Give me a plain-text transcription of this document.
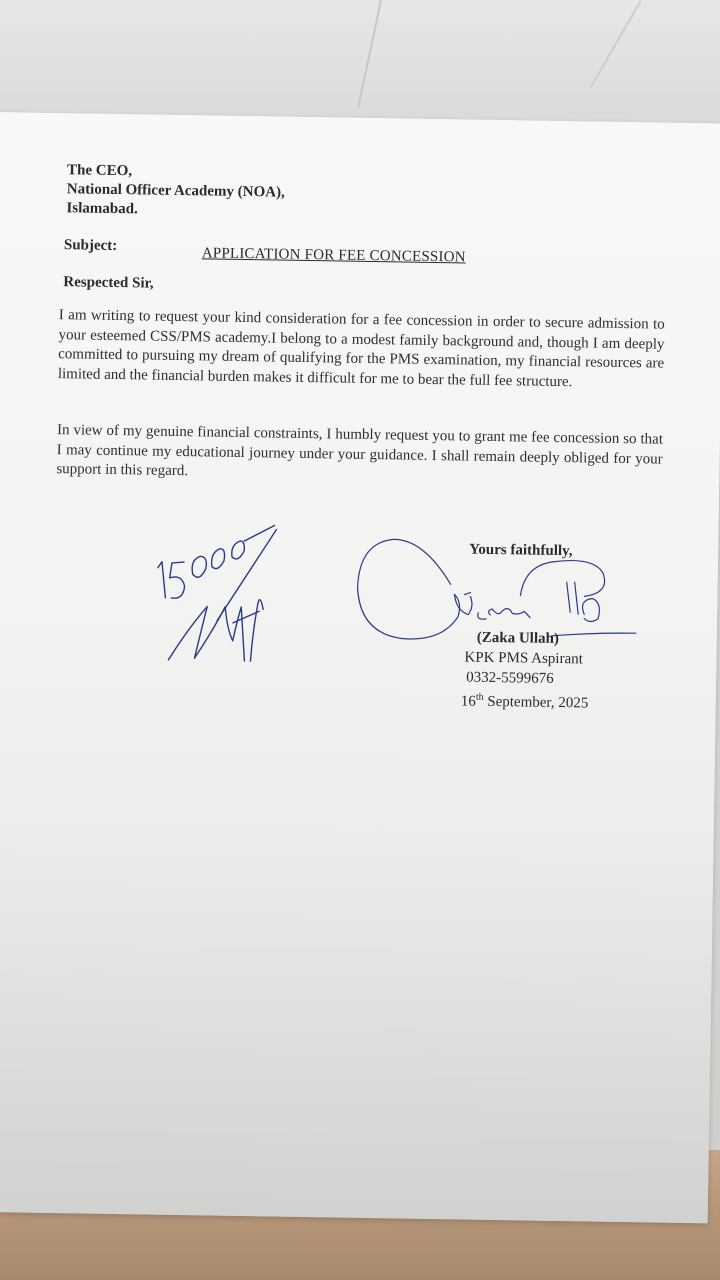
The CEO,
National Officer Academy (NOA),
Islamabad.
Subject:	APPLICATION FOR FEE CONCESSION
Respected Sir,
I am writing to request your kind consideration for a fee concession in order to secure admission to your esteemed CSS/PMS academy.I belong to a modest family background and, though I am deeply committed to pursuing my dream of qualifying for the PMS examination, my financial resources are limited and the financial burden makes it difficult for me to bear the full fee structure.
In view of my genuine financial constraints, I humbly request you to grant me fee concession so that I may continue my educational journey under your guidance. I shall remain deeply obliged for your support in this regard.
Yours faithfully,
(Zaka Ullah)
KPK PMS Aspirant
0332-5599676
16th September, 2025
